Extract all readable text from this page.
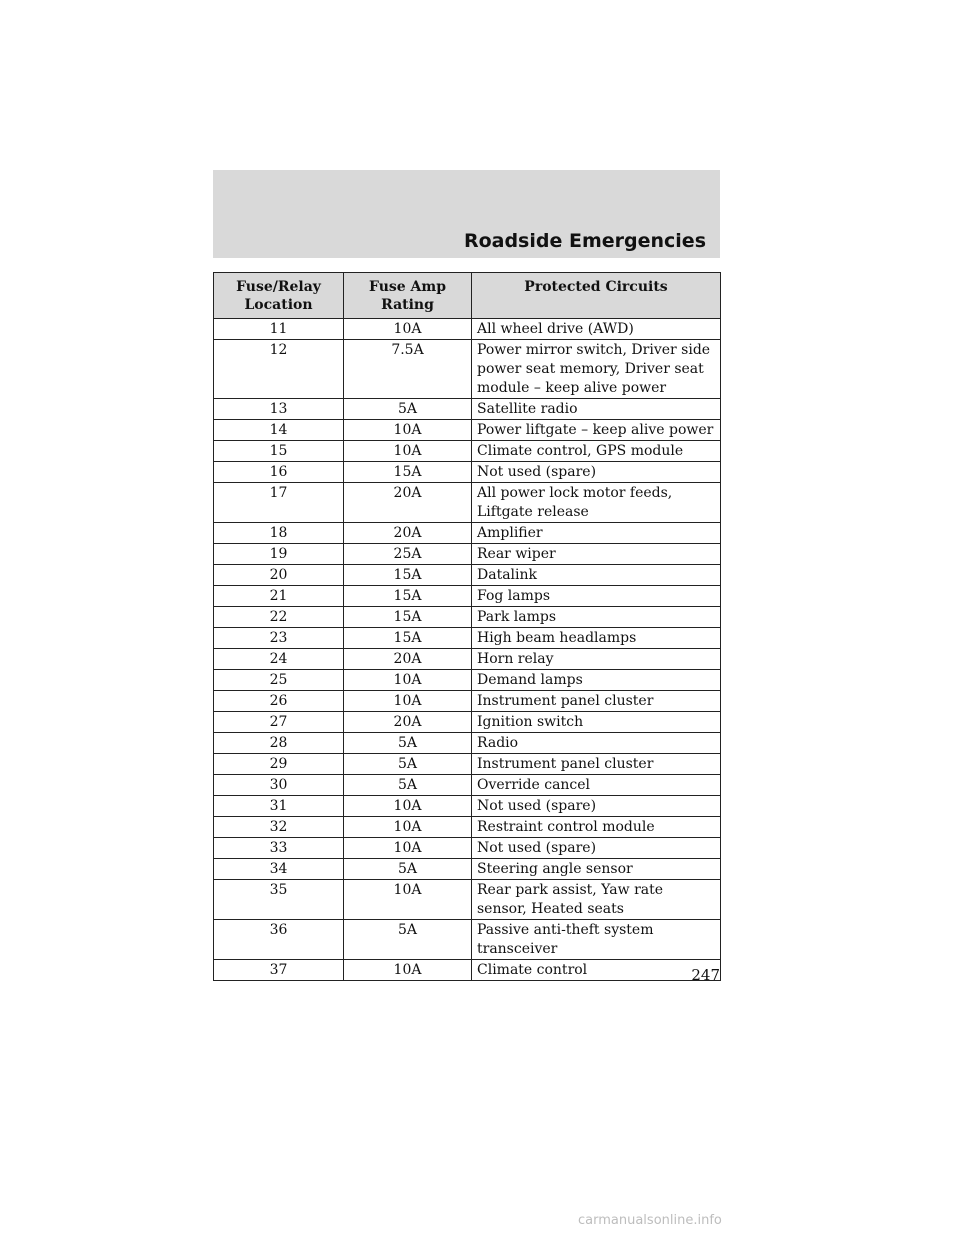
Roadside Emergencies
Fuse/Relay Location	Fuse Amp Rating	Protected Circuits
11	10A	All wheel drive (AWD)
12	7.5A	Power mirror switch, Driver side power seat memory, Driver seat module – keep alive power
13	5A	Satellite radio
14	10A	Power liftgate – keep alive power
15	10A	Climate control, GPS module
16	15A	Not used (spare)
17	20A	All power lock motor feeds, Liftgate release
18	20A	Amplifier
19	25A	Rear wiper
20	15A	Datalink
21	15A	Fog lamps
22	15A	Park lamps
23	15A	High beam headlamps
24	20A	Horn relay
25	10A	Demand lamps
26	10A	Instrument panel cluster
27	20A	Ignition switch
28	5A	Radio
29	5A	Instrument panel cluster
30	5A	Override cancel
31	10A	Not used (spare)
32	10A	Restraint control module
33	10A	Not used (spare)
34	5A	Steering angle sensor
35	10A	Rear park assist, Yaw rate sensor, Heated seats
36	5A	Passive anti-theft system transceiver
37	10A	Climate control	247
carmanualsonline.info
